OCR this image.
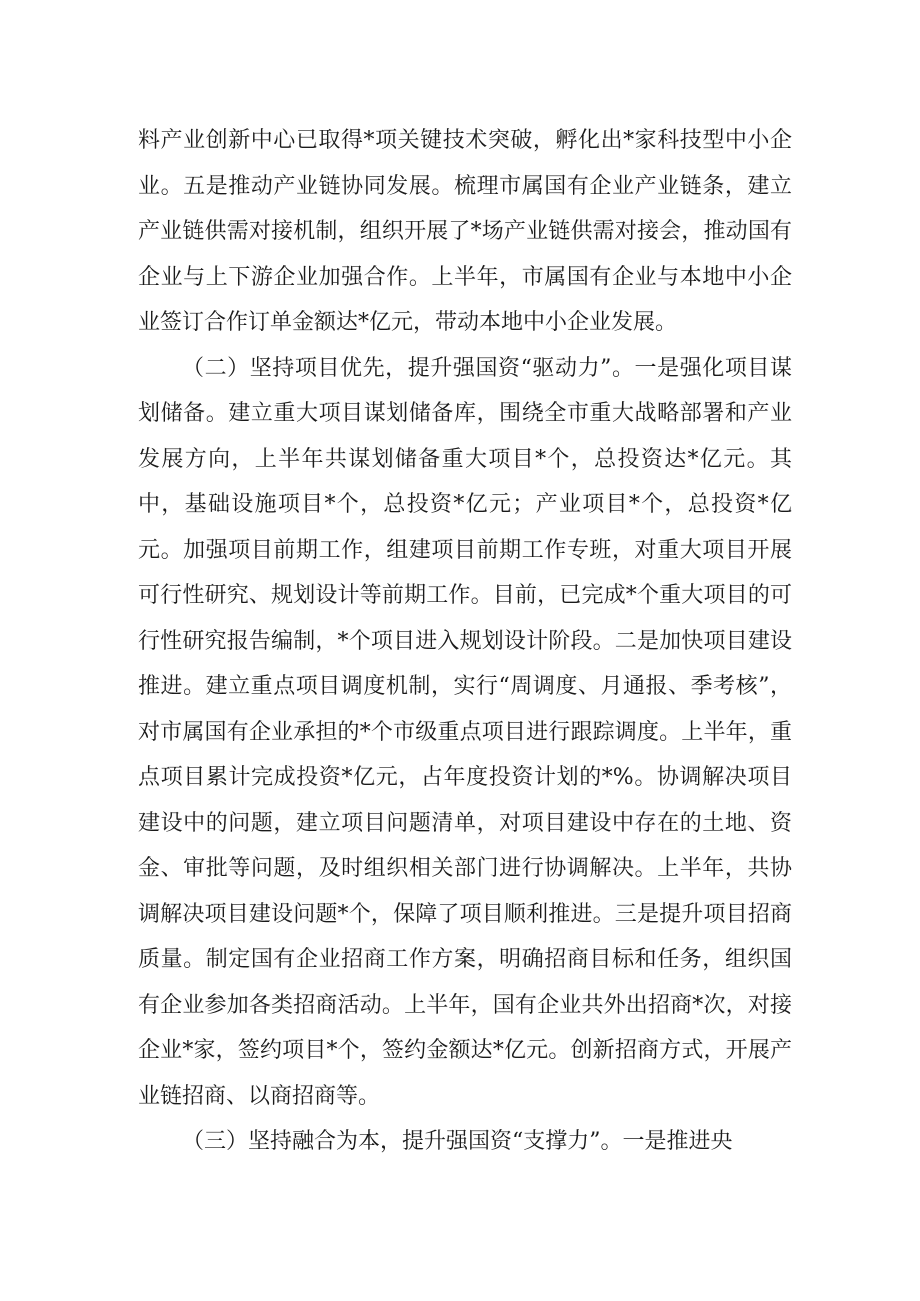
料产业创新中心已取得*项关键技术突破，孵化出*家科技型中小企业。五是推动产业链协同发展。梳理市属国有企业产业链条，建立产业链供需对接机制，组织开展了*场产业链供需对接会，推动国有企业与上下游企业加强合作。上半年，市属国有企业与本地中小企业签订合作订单金额达*亿元，带动本地中小企业发展。

（二）坚持项目优先，提升强国资“驱动力”。一是强化项目谋划储备。建立重大项目谋划储备库，围绕全市重大战略部署和产业发展方向，上半年共谋划储备重大项目*个，总投资达*亿元。其中，基础设施项目*个，总投资*亿元；产业项目*个，总投资*亿元。加强项目前期工作，组建项目前期工作专班，对重大项目开展可行性研究、规划设计等前期工作。目前，已完成*个重大项目的可行性研究报告编制，*个项目进入规划设计阶段。二是加快项目建设推进。建立重点项目调度机制，实行“周调度、月通报、季考核”，对市属国有企业承担的*个市级重点项目进行跟踪调度。上半年，重点项目累计完成投资*亿元，占年度投资计划的*%。协调解决项目建设中的问题，建立项目问题清单，对项目建设中存在的土地、资金、审批等问题，及时组织相关部门进行协调解决。上半年，共协调解决项目建设问题*个，保障了项目顺利推进。三是提升项目招商质量。制定国有企业招商工作方案，明确招商目标和任务，组织国有企业参加各类招商活动。上半年，国有企业共外出招商*次，对接企业*家，签约项目*个，签约金额达*亿元。创新招商方式，开展产业链招商、以商招商等。

（三）坚持融合为本，提升强国资“支撑力”。一是推进央
